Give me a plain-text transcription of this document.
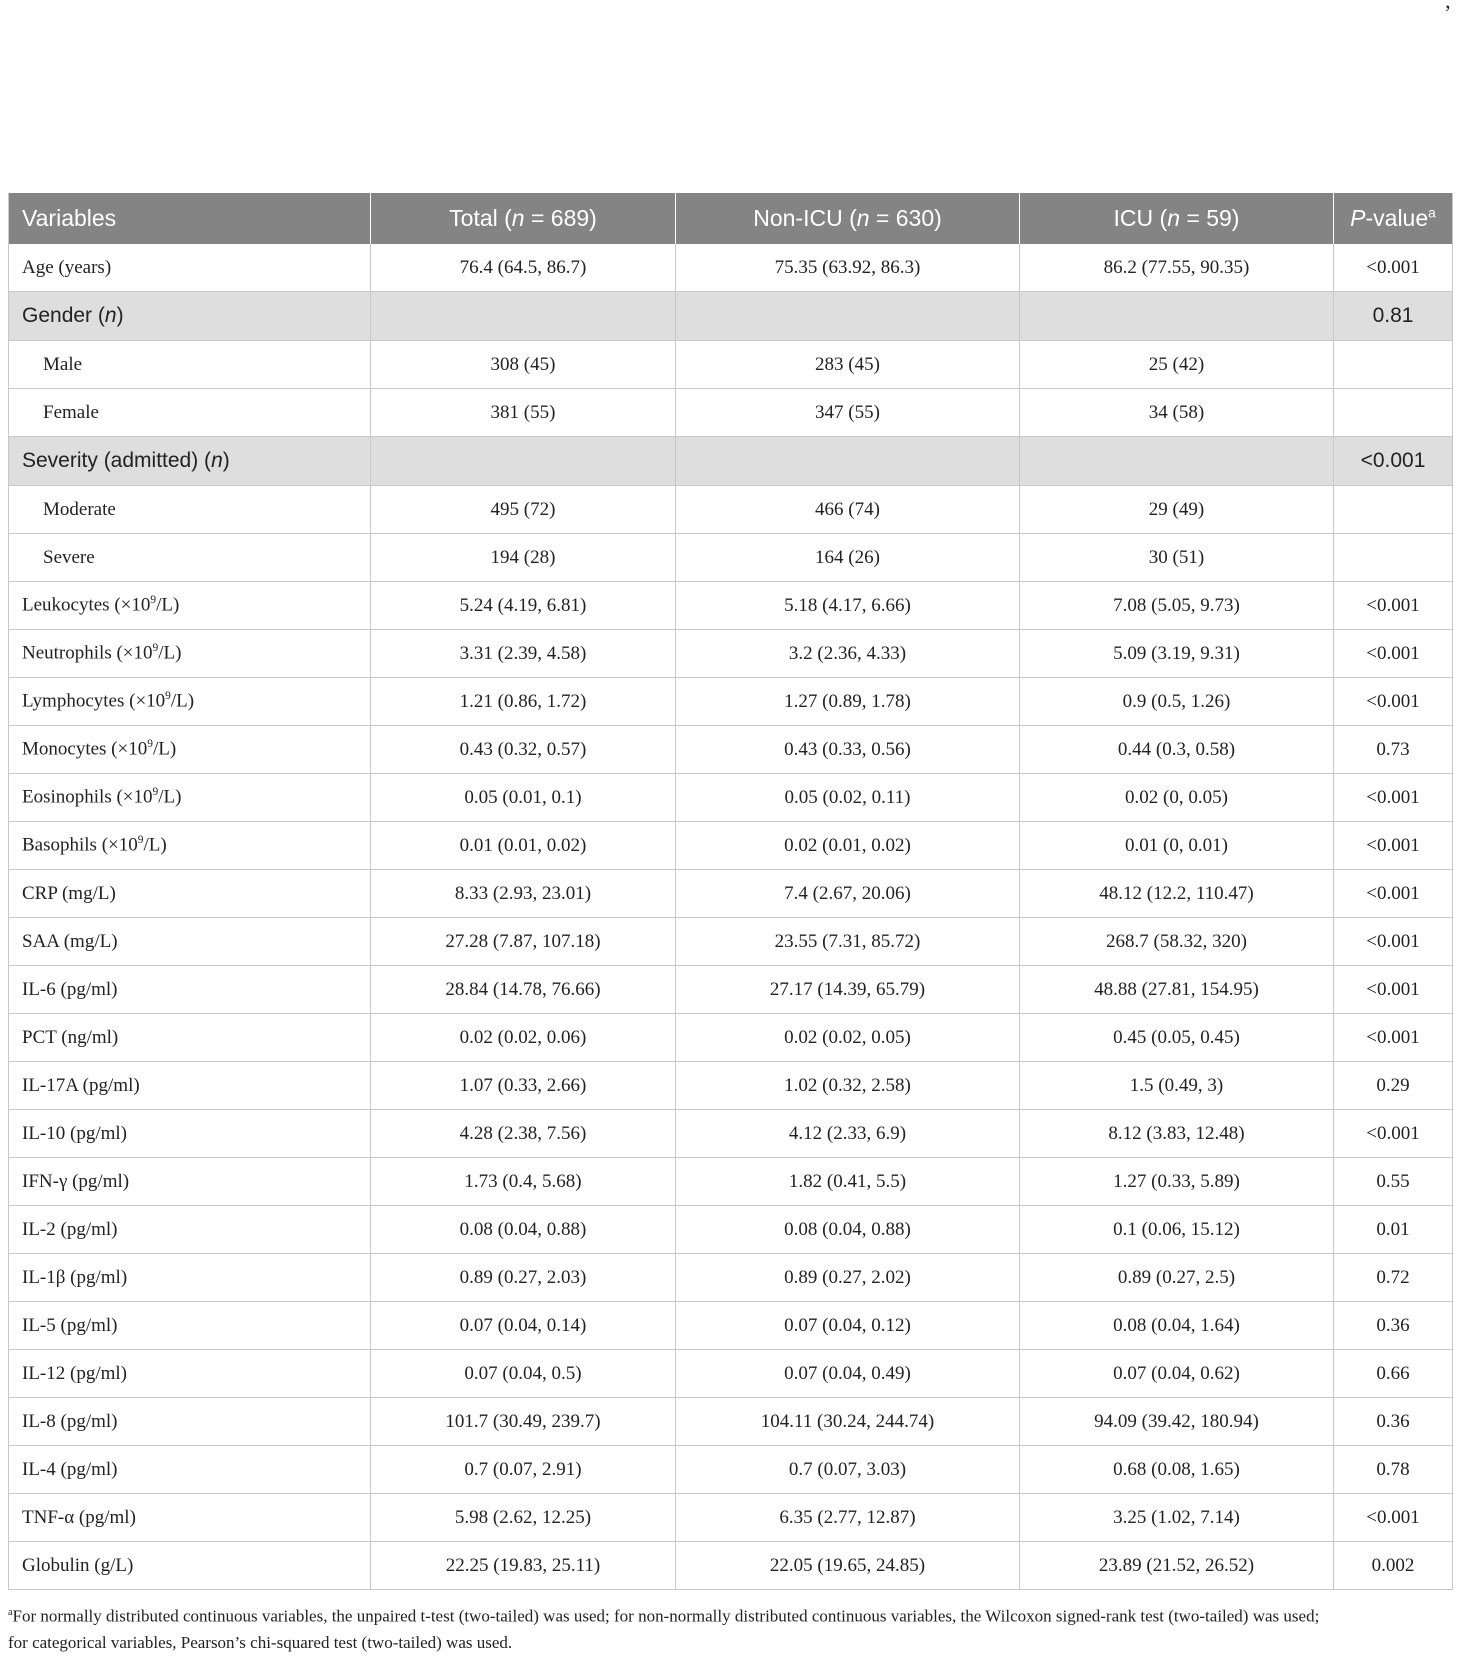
’
Variables	Total (n = 689)	Non-ICU (n = 630)	ICU (n = 59)	P-value$^a$
Age (years)	76.4 (64.5, 86.7)	75.35 (63.92, 86.3)	86.2 (77.55, 90.35)	<0.001
Gender (n)				0.81
Male	308 (45)	283 (45)	25 (42)	
Female	381 (55)	347 (55)	34 (58)	
Severity (admitted) (n)				<0.001
Moderate	495 (72)	466 (74)	29 (49)	
Severe	194 (28)	164 (26)	30 (51)	
Leukocytes $(\times 10^9/L)$	5.24 (4.19, 6.81)	5.18 (4.17, 6.66)	7.08 (5.05, 9.73)	<0.001
Neutrophils $(\times 10^9/L)$	3.31 (2.39, 4.58)	3.2 (2.36, 4.33)	5.09 (3.19, 9.31)	<0.001
Lymphocytes $(\times 10^9/L)$	1.21 (0.86, 1.72)	1.27 (0.89, 1.78)	0.9 (0.5, 1.26)	<0.001
Monocytes $(\times 10^9/L)$	0.43 (0.32, 0.57)	0.43 (0.33, 0.56)	0.44 (0.3, 0.58)	0.73
Eosinophils $(\times 10^9/L)$	0.05 (0.01, 0.1)	0.05 (0.02, 0.11)	0.02 (0, 0.05)	<0.001
Basophils $(\times 10^9/L)$	0.01 (0.01, 0.02)	0.02 (0.01, 0.02)	0.01 (0, 0.01)	<0.001
CRP (mg/L)	8.33 (2.93, 23.01)	7.4 (2.67, 20.06)	48.12 (12.2, 110.47)	<0.001
SAA (mg/L)	27.28 (7.87, 107.18)	23.55 (7.31, 85.72)	268.7 (58.32, 320)	<0.001
IL-6 (pg/ml)	28.84 (14.78, 76.66)	27.17 (14.39, 65.79)	48.88 (27.81, 154.95)	<0.001
PCT (ng/ml)	0.02 (0.02, 0.06)	0.02 (0.02, 0.05)	0.45 (0.05, 0.45)	<0.001
IL-17A (pg/ml)	1.07 (0.33, 2.66)	1.02 (0.32, 2.58)	1.5 (0.49, 3)	0.29
IL-10 (pg/ml)	4.28 (2.38, 7.56)	4.12 (2.33, 6.9)	8.12 (3.83, 12.48)	<0.001
IFN-γ (pg/ml)	1.73 (0.4, 5.68)	1.82 (0.41, 5.5)	1.27 (0.33, 5.89)	0.55
IL-2 (pg/ml)	0.08 (0.04, 0.88)	0.08 (0.04, 0.88)	0.1 (0.06, 15.12)	0.01
IL-1β (pg/ml)	0.89 (0.27, 2.03)	0.89 (0.27, 2.02)	0.89 (0.27, 2.5)	0.72
IL-5 (pg/ml)	0.07 (0.04, 0.14)	0.07 (0.04, 0.12)	0.08 (0.04, 1.64)	0.36
IL-12 (pg/ml)	0.07 (0.04, 0.5)	0.07 (0.04, 0.49)	0.07 (0.04, 0.62)	0.66
IL-8 (pg/ml)	101.7 (30.49, 239.7)	104.11 (30.24, 244.74)	94.09 (39.42, 180.94)	0.36
IL-4 (pg/ml)	0.7 (0.07, 2.91)	0.7 (0.07, 3.03)	0.68 (0.08, 1.65)	0.78
TNF-α (pg/ml)	5.98 (2.62, 12.25)	6.35 (2.77, 12.87)	3.25 (1.02, 7.14)	<0.001
Globulin (g/L)	22.25 (19.83, 25.11)	22.05 (19.65, 24.85)	23.89 (21.52, 26.52)	0.002
$^a$For normally distributed continuous variables, the unpaired t-test (two-tailed) was used; for non-normally distributed continuous variables, the Wilcoxon signed-rank test (two-tailed) was used;
for categorical variables, Pearson’s chi-squared test (two-tailed) was used.
